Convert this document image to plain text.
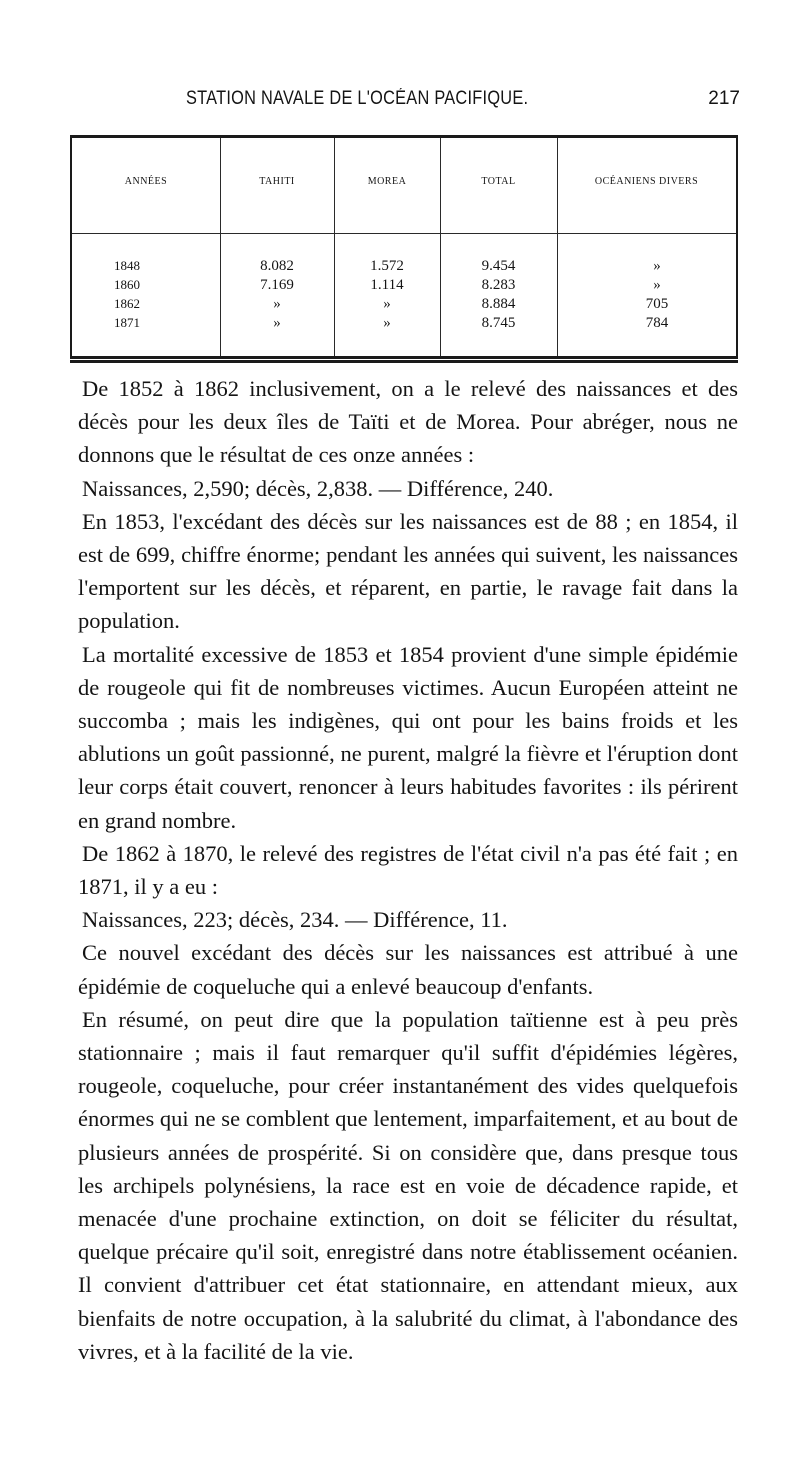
STATION NAVALE DE L'OCÉAN PACIFIQUE.	217
ANNÉES	TAHITI	MOREA	TOTAL	OCÉANIENS DIVERS
1848	8.082	1.572	9.454	»
1860	7.169	1.114	8.283	»
1862	»	»	8.884	705
1871	»	»	8.745	784

De 1852 à 1862 inclusivement, on a le relevé des naissances et des décès pour les deux îles de Taïti et de Morea. Pour abréger, nous ne donnons que le résultat de ces onze années :

Naissances, 2,590; décès, 2,838. — Différence, 240.

En 1853, l'excédant des décès sur les naissances est de 88 ; en 1854, il est de 699, chiffre énorme; pendant les années qui suivent, les naissances l'emportent sur les décès, et réparent, en partie, le ravage fait dans la population.

La mortalité excessive de 1853 et 1854 provient d'une simple épidémie de rougeole qui fit de nombreuses victimes. Aucun Européen atteint ne succomba ; mais les indigènes, qui ont pour les bains froids et les ablutions un goût passionné, ne purent, malgré la fièvre et l'éruption dont leur corps était couvert, renoncer à leurs habitudes favorites : ils périrent en grand nombre.

De 1862 à 1870, le relevé des registres de l'état civil n'a pas été fait ; en 1871, il y a eu :

Naissances, 223; décès, 234. — Différence, 11.

Ce nouvel excédant des décès sur les naissances est attribué à une épidémie de coqueluche qui a enlevé beaucoup d'enfants.

En résumé, on peut dire que la population taïtienne est à peu près stationnaire ; mais il faut remarquer qu'il suffit d'épidémies légères, rougeole, coqueluche, pour créer instantanément des vides quelquefois énormes qui ne se comblent que lentement, imparfaitement, et au bout de plusieurs années de prospérité. Si on considère que, dans presque tous les archipels polynésiens, la race est en voie de décadence rapide, et menacée d'une prochaine extinction, on doit se féliciter du résultat, quelque précaire qu'il soit, enregistré dans notre établissement océanien. Il convient d'attribuer cet état stationnaire, en attendant mieux, aux bienfaits de notre occupation, à la salubrité du climat, à l'abondance des vivres, et à la facilité de la vie.
